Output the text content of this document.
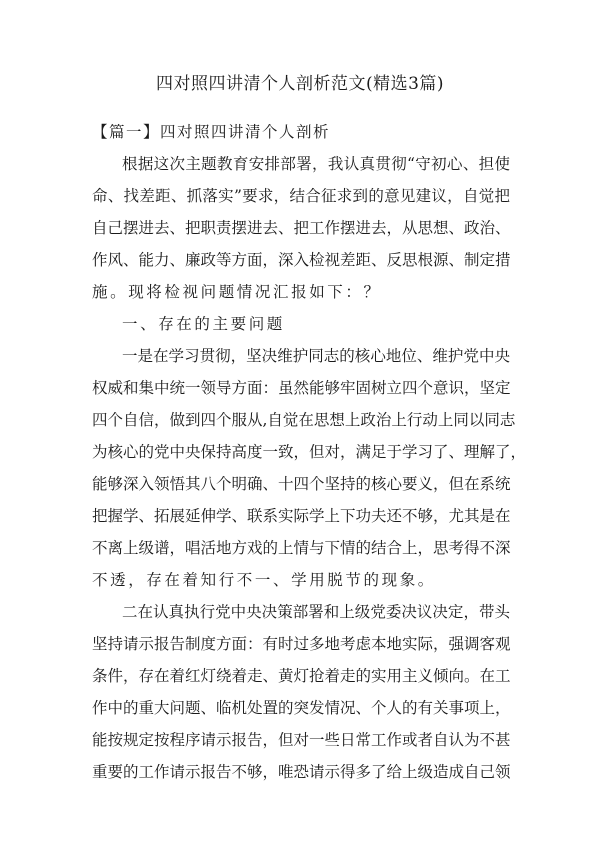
四对照四讲清个人剖析范文(精选3篇)
【篇一】四对照四讲清个人剖析
根据这次主题教育安排部署，我认真贯彻“守初心、担使
命、找差距、抓落实”要求，结合征求到的意见建议，自觉把
自己摆进去、把职责摆进去、把工作摆进去，从思想、政治、
作风、能力、廉政等方面，深入检视差距、反思根源、制定措
施。现将检视问题情况汇报如下：？
一、存在的主要问题
一是在学习贯彻，坚决维护同志的核心地位、维护党中央
权威和集中统一领导方面：虽然能够牢固树立四个意识，坚定
四个自信，做到四个服从,自觉在思想上政治上行动上同以同志
为核心的党中央保持高度一致，但对，满足于学习了、理解了，
能够深入领悟其八个明确、十四个坚持的核心要义，但在系统
把握学、拓展延伸学、联系实际学上下功夫还不够，尤其是在
不离上级谱，唱活地方戏的上情与下情的结合上，思考得不深
不透，存在着知行不一、学用脱节的现象。
二在认真执行党中央决策部署和上级党委决议决定，带头
坚持请示报告制度方面：有时过多地考虑本地实际，强调客观
条件，存在着红灯绕着走、黄灯抢着走的实用主义倾向。在工
作中的重大问题、临机处置的突发情况、个人的有关事项上，
能按规定按程序请示报告，但对一些日常工作或者自认为不甚
重要的工作请示报告不够，唯恐请示得多了给上级造成自己领
